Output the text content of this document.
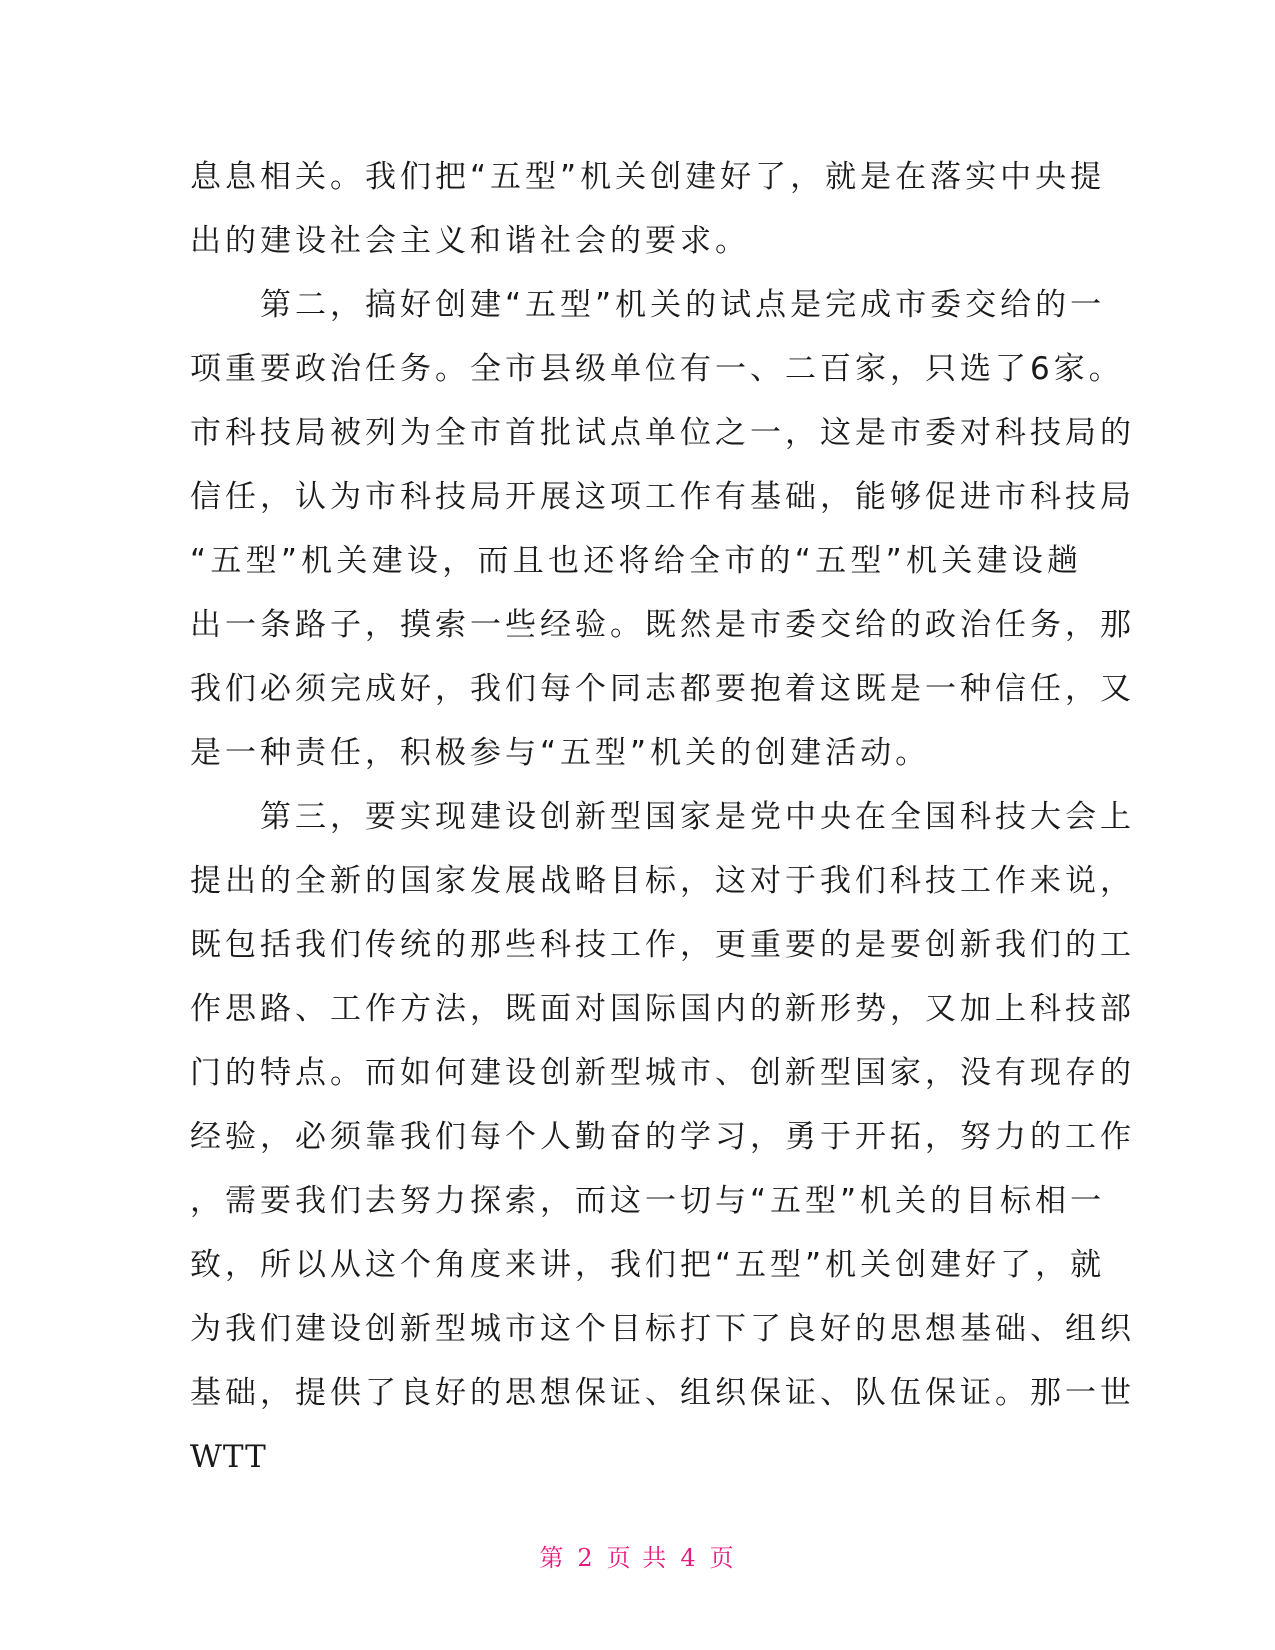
息息相关。我们把“五型”机关创建好了，就是在落实中央提
出的建设社会主义和谐社会的要求。
第二，搞好创建“五型”机关的试点是完成市委交给的一
项重要政治任务。全市县级单位有一、二百家，只选了6家。
市科技局被列为全市首批试点单位之一，这是市委对科技局的
信任，认为市科技局开展这项工作有基础，能够促进市科技局
“五型”机关建设，而且也还将给全市的“五型”机关建设趟
出一条路子，摸索一些经验。既然是市委交给的政治任务，那
我们必须完成好，我们每个同志都要抱着这既是一种信任，又
是一种责任，积极参与“五型”机关的创建活动。
第三，要实现建设创新型国家是党中央在全国科技大会上
提出的全新的国家发展战略目标，这对于我们科技工作来说，
既包括我们传统的那些科技工作，更重要的是要创新我们的工
作思路、工作方法，既面对国际国内的新形势，又加上科技部
门的特点。而如何建设创新型城市、创新型国家，没有现存的
经验，必须靠我们每个人勤奋的学习，勇于开拓，努力的工作
，需要我们去努力探索，而这一切与“五型”机关的目标相一
致，所以从这个角度来讲，我们把“五型”机关创建好了，就
为我们建设创新型城市这个目标打下了良好的思想基础、组织
基础，提供了良好的思想保证、组织保证、队伍保证。那一世
WTT
第 2 页 共 4 页
